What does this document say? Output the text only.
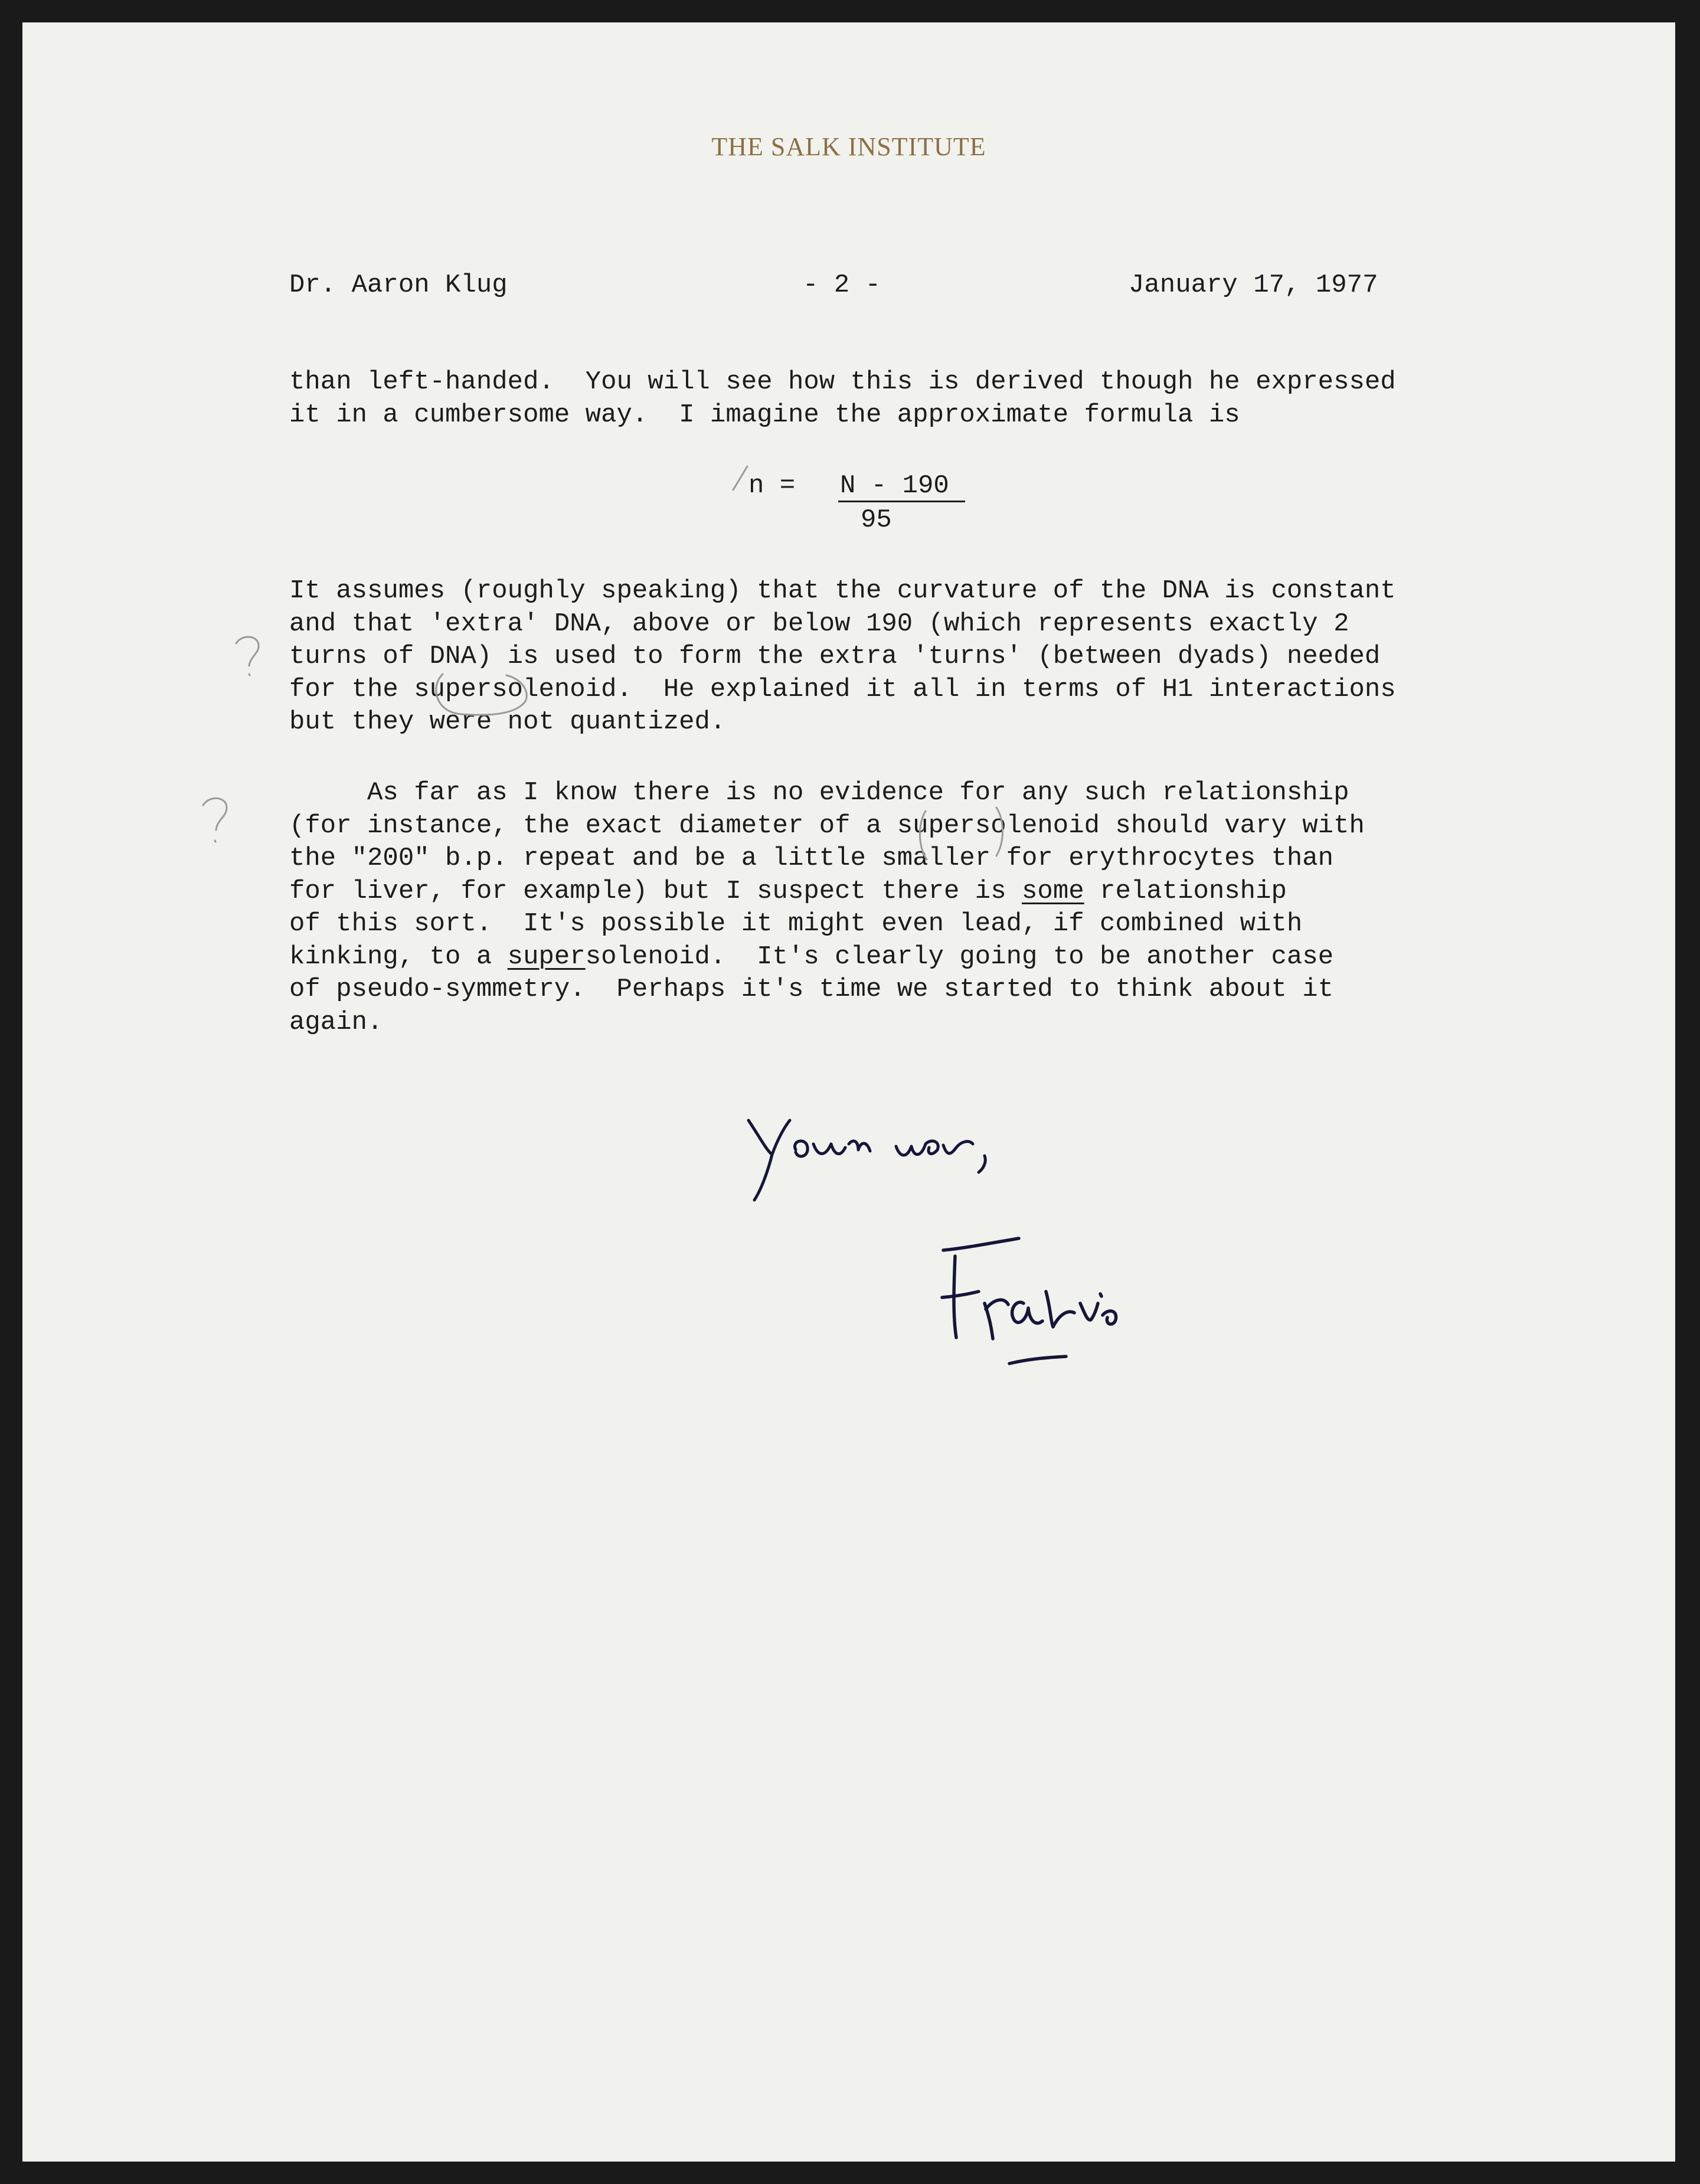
THE SALK INSTITUTE
Dr. Aaron Klug	- 2 -	January 17, 1977

than left-handed.  You will see how this is derived though he expressed
it in a cumbersome way.  I imagine the approximate formula is

n =

N - 190

95

It assumes (roughly speaking) that the curvature of the DNA is constant
and that 'extra' DNA, above or below 190 (which represents exactly 2
turns of DNA) is used to form the extra 'turns' (between dyads) needed
for the supersolenoid.  He explained it all in terms of H1 interactions
but they were not quantized.

As far as I know there is no evidence for any such relationship
(for instance, the exact diameter of a supersolenoid should vary with
the "200" b.p. repeat and be a little smaller for erythrocytes than
for liver, for example) but I suspect there is some relationship
of this sort.  It's possible it might even lead, if combined with
kinking, to a supersolenoid.  It's clearly going to be another case
of pseudo-symmetry.  Perhaps it's time we started to think about it
again.
